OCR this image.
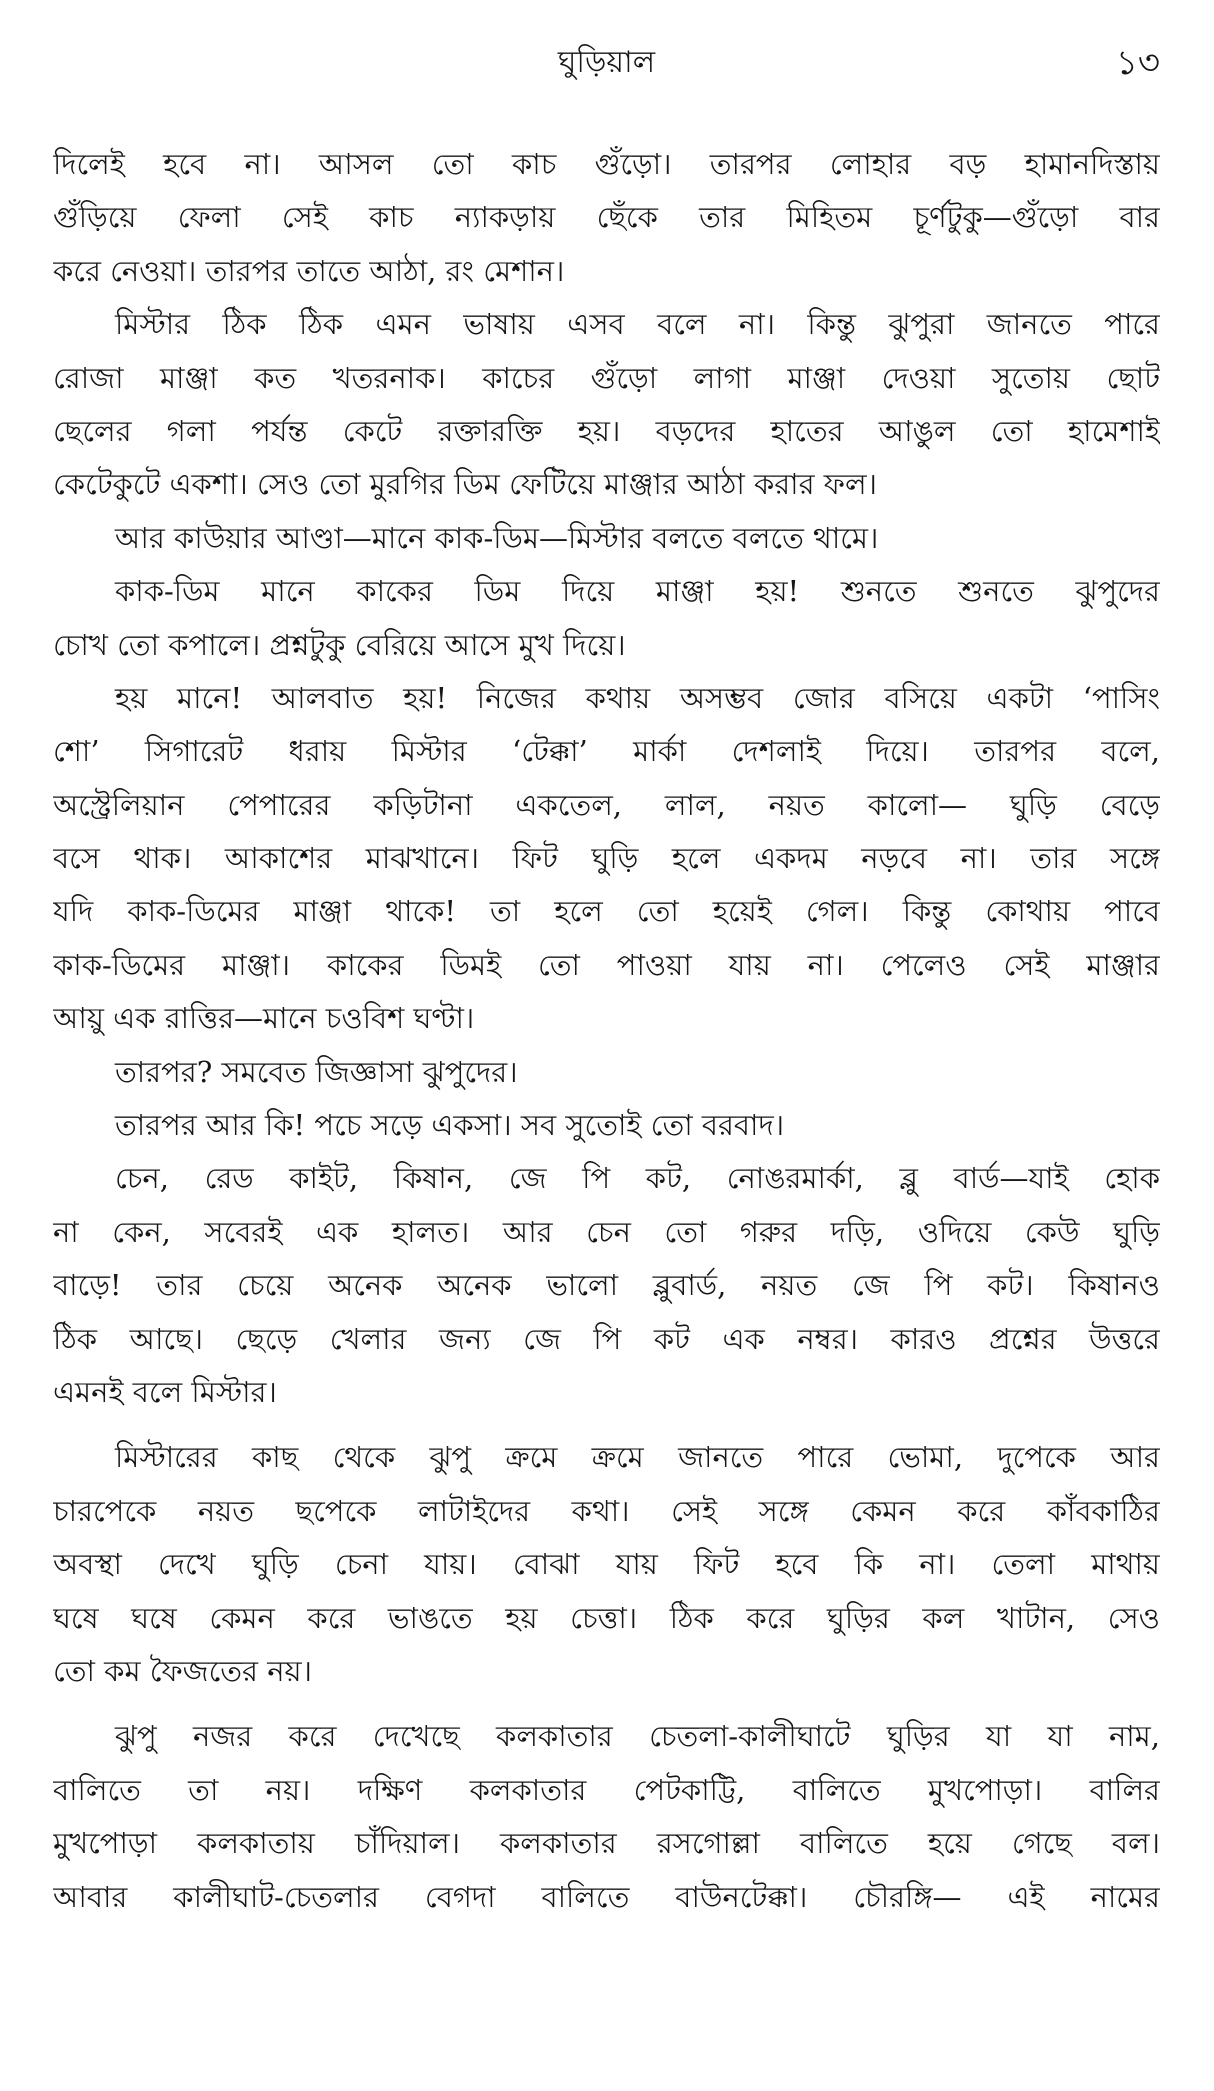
ঘুড়িয়াল	১৩
দিলেই হবে না। আসল তো কাচ গুঁড়ো। তারপর লোহার বড় হামানদিস্তায়
গুঁড়িয়ে ফেলা সেই কাচ ন্যাকড়ায় ছেঁকে তার মিহিতম চূর্ণটুকু—গুঁড়ো বার
করে নেওয়া। তারপর তাতে আঠা, রং মেশান।
মিস্টার ঠিক ঠিক এমন ভাষায় এসব বলে না। কিন্তু ঝুপুরা জানতে পারে
রোজা মাঞ্জা কত খতরনাক। কাচের গুঁড়ো লাগা মাঞ্জা দেওয়া সুতোয় ছোট
ছেলের গলা পর্যন্ত কেটে রক্তারক্তি হয়। বড়দের হাতের আঙুল তো হামেশাই
কেটেকুটে একশা। সেও তো মুরগির ডিম ফেটিয়ে মাঞ্জার আঠা করার ফল।
আর কাউয়ার আণ্ডা—মানে কাক-ডিম—মিস্টার বলতে বলতে থামে।
কাক-ডিম মানে কাকের ডিম দিয়ে মাঞ্জা হয়! শুনতে শুনতে ঝুপুদের
চোখ তো কপালে। প্রশ্নটুকু বেরিয়ে আসে মুখ দিয়ে।
হয় মানে! আলবাত হয়! নিজের কথায় অসম্ভব জোর বসিয়ে একটা ‘পাসিং
শো’ সিগারেট ধরায় মিস্টার ‘টেক্কা’ মার্কা দেশলাই দিয়ে। তারপর বলে,
অস্ট্রেলিয়ান পেপারের কড়িটানা একতেল, লাল, নয়ত কালো— ঘুড়ি বেড়ে
বসে থাক। আকাশের মাঝখানে। ফিট ঘুড়ি হলে একদম নড়বে না। তার সঙ্গে
যদি কাক-ডিমের মাঞ্জা থাকে! তা হলে তো হয়েই গেল। কিন্তু কোথায় পাবে
কাক-ডিমের মাঞ্জা। কাকের ডিমই তো পাওয়া যায় না। পেলেও সেই মাঞ্জার
আয়ু এক রাত্তির—মানে চওবিশ ঘণ্টা।
তারপর? সমবেত জিজ্ঞাসা ঝুপুদের।
তারপর আর কি! পচে সড়ে একসা। সব সুতোই তো বরবাদ।
চেন, রেড কাইট, কিষান, জে পি কট, নোঙরমার্কা, ব্লু বার্ড—যাই হোক
না কেন, সবেরই এক হালত। আর চেন তো গরুর দড়ি, ওদিয়ে কেউ ঘুড়ি
বাড়ে! তার চেয়ে অনেক অনেক ভালো ব্লুবার্ড, নয়ত জে পি কট। কিষানও
ঠিক আছে। ছেড়ে খেলার জন্য জে পি কট এক নম্বর। কারও প্রশ্নের উত্তরে
এমনই বলে মিস্টার।
মিস্টারের কাছ থেকে ঝুপু ক্রমে ক্রমে জানতে পারে ভোমা, দুপেকে আর
চারপেকে নয়ত ছপেকে লাটাইদের কথা। সেই সঙ্গে কেমন করে কাঁবকাঠির
অবস্থা দেখে ঘুড়ি চেনা যায়। বোঝা যায় ফিট হবে কি না। তেলা মাথায়
ঘষে ঘষে কেমন করে ভাঙতে হয় চেত্তা। ঠিক করে ঘুড়ির কল খাটান, সেও
তো কম ফৈজতের নয়।
ঝুপু নজর করে দেখেছে কলকাতার চেতলা-কালীঘাটে ঘুড়ির যা যা নাম,
বালিতে তা নয়। দক্ষিণ কলকাতার পেটকাট্টি, বালিতে মুখপোড়া। বালির
মুখপোড়া কলকাতায় চাঁদিয়াল। কলকাতার রসগোল্লা বালিতে হয়ে গেছে বল।
আবার কালীঘাট-চেতলার বেগদা বালিতে বাউনটেক্কা। চৌরঙ্গি— এই নামের
